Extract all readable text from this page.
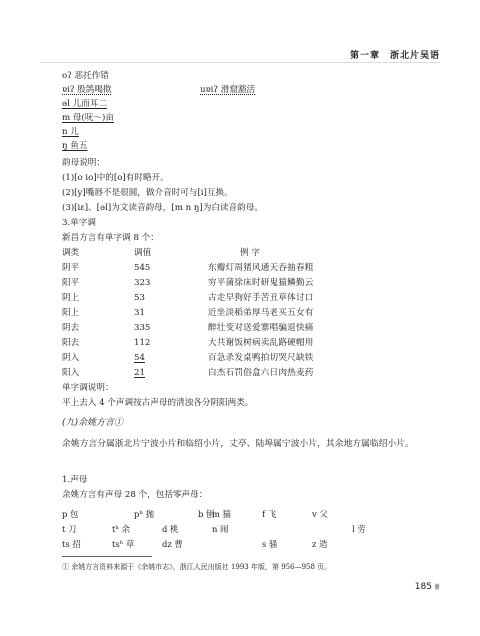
第一章 浙北片吴语
oʔ 恶托作错
ɐiʔ 股鸽喝揿	uɐiʔ 滑窟豁活
əl 儿而耳二
m 母(呒～)亩
n 儿
ŋ 鱼五
韵母说明：
(1)[o io]中的[o]有时略开。
(2)[y]嘴唇不是很圆，做介音时可与[i]互换。
(3)[iɛ]、[əl]为文读音韵母，[m n ŋ]为白读音韵母。
3.单字调
新昌方言有单字调 8 个：
调类	调值	例 字
阴平	545	东瓣灯周猪风通天吞抽春粗
阳平	323	穷平蒲徐床时研鬼猫鳞勤云
阴上	53	古走早狗好手苦丑草体讨口
阳上	31	近坐淡稻弟厚马老买五女有
阴去	335	醉壮变对送爱寨唱骗退快痛
阳去	112	大共谢饭树病卖乱路硬帽用
阴入	54	百急杀发桌鸭拍切哭尺缺铁
阳入	21	白杰石罚俗盒六日肉热麦药
单字调说明：
平上去入 4 个声调按古声母的清浊各分阴阳两类。
(九)余姚方言①
余姚方言分属浙北片宁波小片和临绍小片，丈亭、陆埠属宁波小片，其余地方属临绍小片。
1.声母
余姚方言有声母 28 个，包括零声母：
p 包	pʰ 抛	b 刨
m 猫	f 飞	v 父
t 刀	tʰ 余	d 桃	n 闹	l 劳
ts 招	tsʰ 草	dz 曹	s 骚	z 造
① 余姚方言资料来源于《余姚市志》，浙江人民出版社 1993 年版，第 956—958 页。
185 卌
